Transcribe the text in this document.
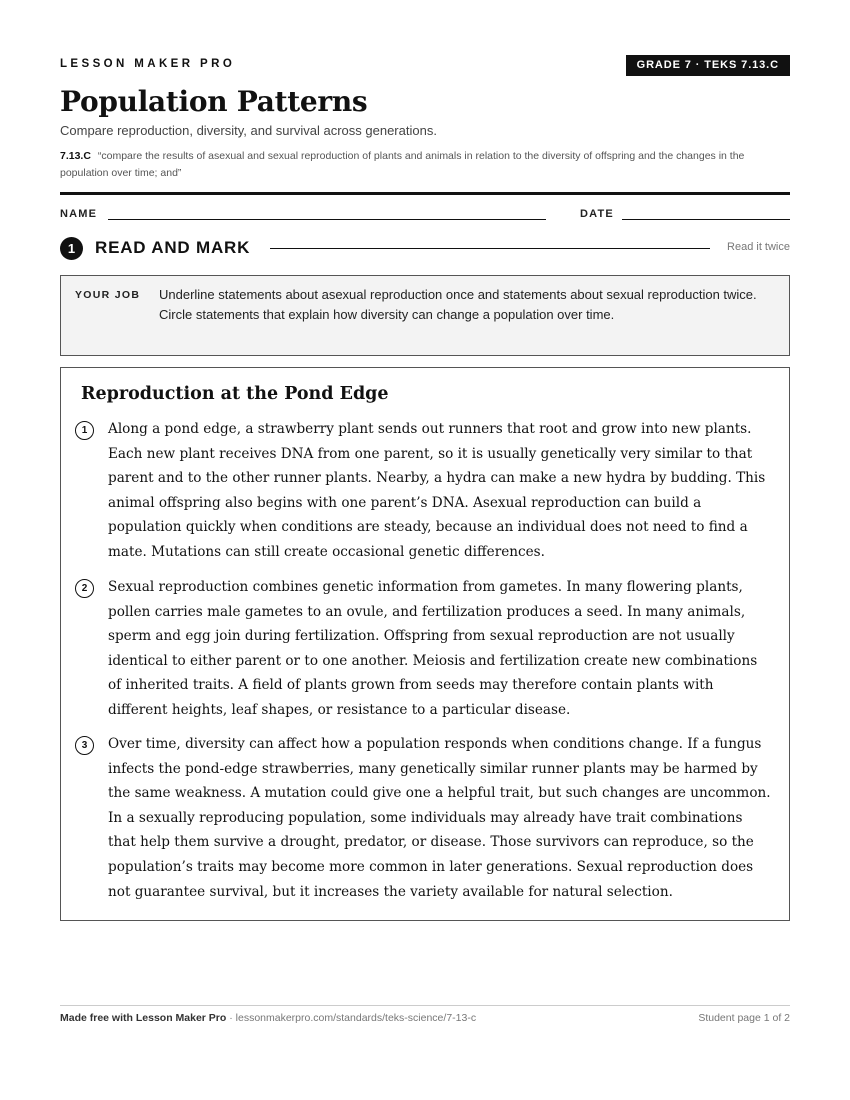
LESSON MAKER PRO	GRADE 7 · TEKS 7.13.C
Population Patterns
Compare reproduction, diversity, and survival across generations.
7.13.C “compare the results of asexual and sexual reproduction of plants and animals in relation to the diversity of offspring and the changes in the population over time; and”
NAME	DATE
1	READ AND MARK	Read it twice
YOUR JOB Underline statements about asexual reproduction once and statements about sexual reproduction twice. Circle statements that explain how diversity can change a population over time.
Reproduction at the Pond Edge
1	Along a pond edge, a strawberry plant sends out runners that root and grow into new plants. Each new plant receives DNA from one parent, so it is usually genetically very similar to that parent and to the other runner plants. Nearby, a hydra can make a new hydra by budding. This animal offspring also begins with one parent’s DNA. Asexual reproduction can build a population quickly when conditions are steady, because an individual does not need to find a mate. Mutations can still create occasional genetic differences.
2	Sexual reproduction combines genetic information from gametes. In many flowering plants, pollen carries male gametes to an ovule, and fertilization produces a seed. In many animals, sperm and egg join during fertilization. Offspring from sexual reproduction are not usually identical to either parent or to one another. Meiosis and fertilization create new combinations of inherited traits. A field of plants grown from seeds may therefore contain plants with different heights, leaf shapes, or resistance to a particular disease.
3	Over time, diversity can affect how a population responds when conditions change. If a fungus infects the pond-edge strawberries, many genetically similar runner plants may be harmed by the same weakness. A mutation could give one a helpful trait, but such changes are uncommon. In a sexually reproducing population, some individuals may already have trait combinations that help them survive a drought, predator, or disease. Those survivors can reproduce, so the population’s traits may become more common in later generations. Sexual reproduction does not guarantee survival, but it increases the variety available for natural selection.
Made free with Lesson Maker Pro · lessonmakerpro.com/standards/teks-science/7-13-c	Student page 1 of 2
